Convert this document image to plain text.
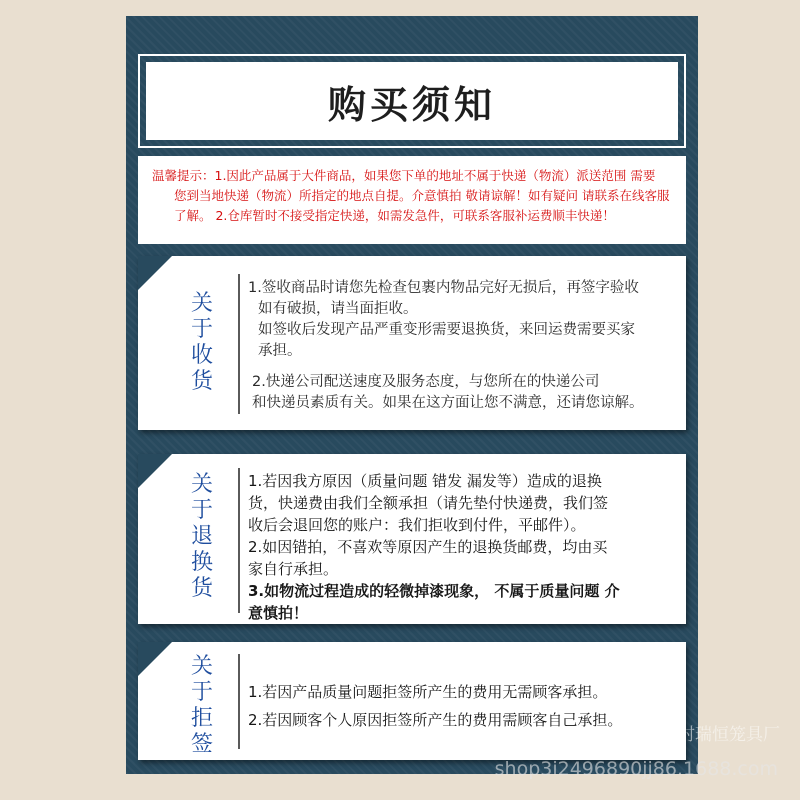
购买须知
温馨提示：1.因此产品属于大件商品，如果您下单的地址不属于快递（物流）派送范围 需要
您到当地快递（物流）所指定的地点自提。介意慎拍 敬请谅解！如有疑问 请联系在线客服
了解。 2.仓库暂时不接受指定快递，如需发急件，可联系客服补运费顺丰快递！
关
于
收
货

1.签收商品时请您先检查包裹内物品完好无损后，再签字验收

如有破损，请当面拒收。

如签收后发现产品严重变形需要退换货，来回运费需要买家

承担。

2.快递公司配送速度及服务态度，与您所在的快递公司

和快递员素质有关。如果在这方面让您不满意，还请您谅解。

关
于
退
换
货

1.若因我方原因（质量问题 错发 漏发等）造成的退换

货，快递费由我们全额承担（请先垫付快递费，我们签

收后会退回您的账户：我们拒收到付件，平邮件）。

2.如因错拍，不喜欢等原因产生的退换货邮费，均由买

家自行承担。

3.如物流过程造成的轻微掉漆现象， 不属于质量问题 介

意慎拍！

关
于
拒
签

1.若因产品质量问题拒签所产生的费用无需顾客承担。

2.若因顾客个人原因拒签所产生的费用需顾客自己承担。

遵化市宫里村瑞恒笼具厂
shop3i2496890jj86.1688.com
